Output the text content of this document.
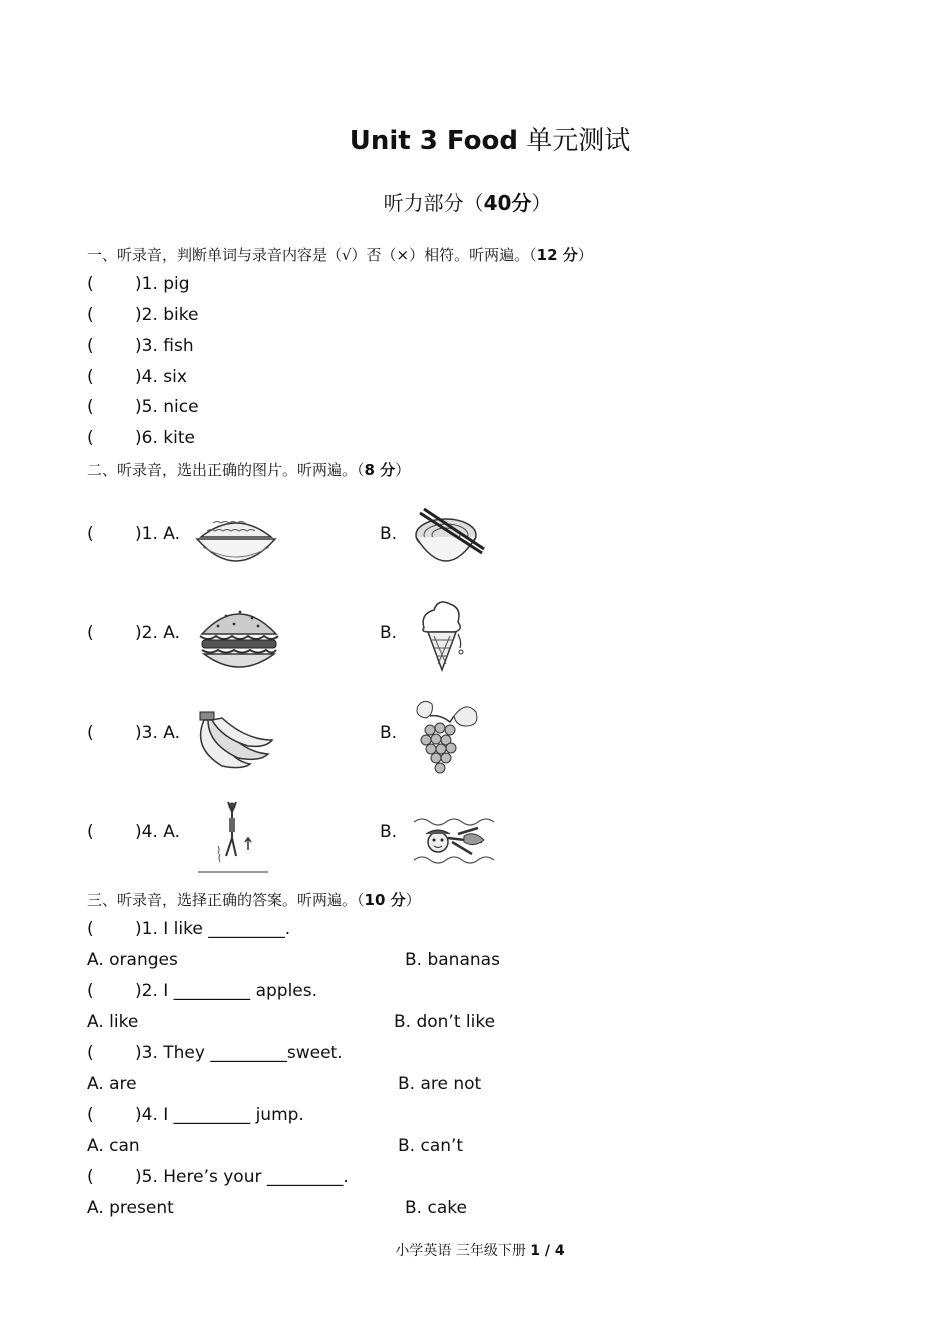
Unit 3 Food 单元测试
听力部分（40分）
一、听录音，判断单词与录音内容是（√）否（×）相符。听两遍。（12 分）
( )1. pig
( )2. bike
( )3. fish
( )4. six
( )5. nice
( )6. kite
二、听录音，选出正确的图片。听两遍。（8 分）
( )1. A.	B.
( )2. A.	B.
( )3. A.	B.
( )4. A.	B.
三、听录音，选择正确的答案。听两遍。（10 分）
( )1. I like _________.
A. oranges	B. bananas
( )2. I _________ apples.
A. like	B. don’t like
( )3. They _________sweet.
A. are	B. are not
( )4. I _________ jump.
A. can	B. can’t
( )5. Here’s your _________.
A. present	B. cake
小学英语 三年级下册 1 / 4
